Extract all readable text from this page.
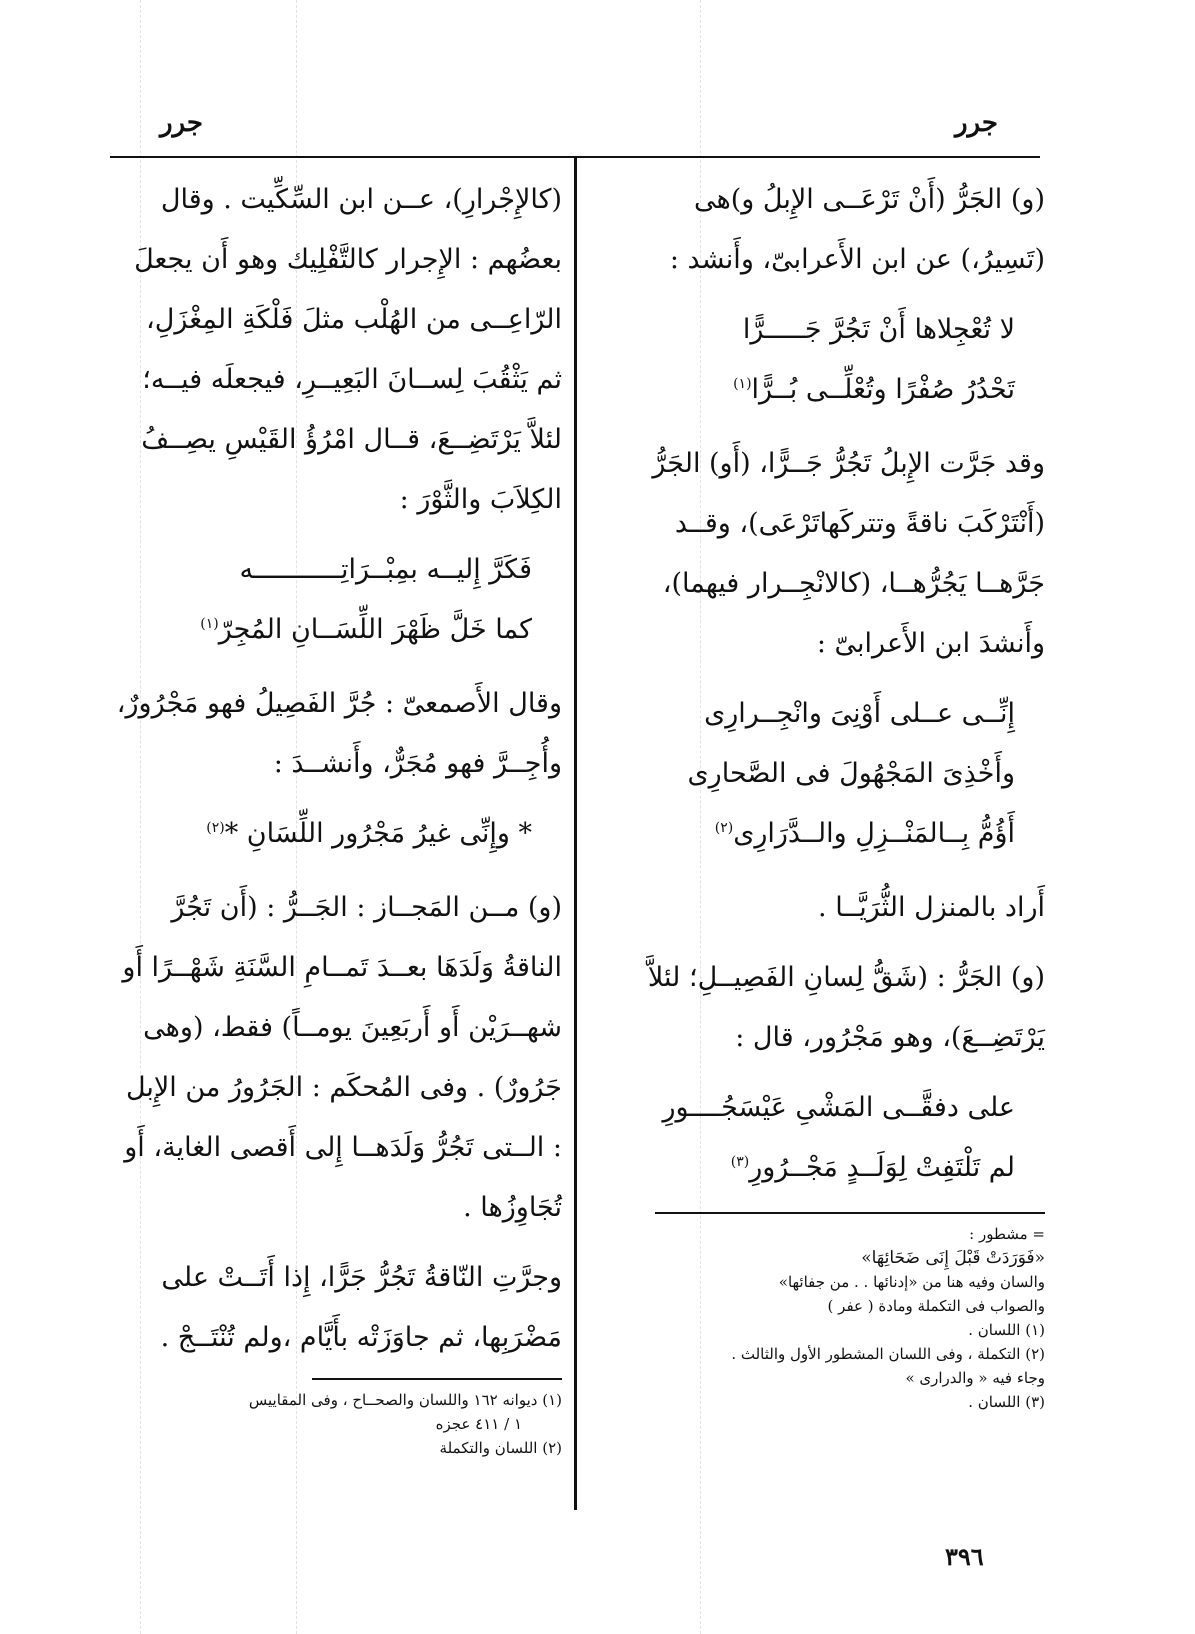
جرر
جرر

(و) الجَرُّ (أَنْ تَرْعَــى الإِبلُ و)هى (تَسِيرُ،) عن ابن الأَعرابىّ، وأَنشد :

لا تُعْجِلاها أَنْ تَجُرَّ جَـــــرًّا
تَحْدُرُ صُفْرًا وتُعْلِّــى بُــرًّا$^{(١)}$

وقد جَرَّت الإِبلُ تَجُرُّ جَــرًّا، (أَو) الجَرُّ (أَنْتَرْكَبَ ناقةً وتتركَهاتَرْعَى)، وقــد جَرَّهــا يَجُرُّهــا، (كالانْجِــرار فيهما)، وأَنشدَ ابن الأَعرابىّ :

إِنِّــى عــلى أَوْنِىَ وانْجِــرارِى
وأَخْذِىَ المَجْهُولَ فى الصَّحارِى
أَؤُمُّ بِــالمَنْــزِلِ والــدَّرَارِى$^{(٢)}$

أَراد بالمنزل الثُّرَيَّــا .

(و) الجَرُّ : (شَقُّ لِسانِ الفَصِيــلِ؛ لئلاَّ يَرْتَضِــعَ)، وهو مَجْرُور، قال :

على دفقَّــى المَشْىِ عَيْسَجُــــورِ
لم تَلْتَفِتْ لِوَلَــدٍ مَجْــرُورِ$^{(٣)}$
= مشطور :
«فَوَرَدَتْ قَبْلَ إِنَى ضَحَائِهَا»
والسان وفيه هنا من «إدنائها . . من جفائها»
والصواب فى التكملة ومادة ( عفر )
(١) اللسان .
(٢) التكملة ، وفى اللسان المشطور الأول والثالث .
وجاء فيه « والدرارى »
(٣) اللسان .

(كالإِجْرارِ)، عــن ابن السِّكِّيت . وقال بعضُهم : الإِجرار كالتَّفْلِيك وهو أَن يجعلَ الرّاعِــى من الهُلْب مثلَ فَلْكَةِ المِغْزَلِ، ثم يَثْقُبَ لِســانَ البَعِيــرِ، فيجعلَه فيــه؛ لئلاَّ يَرْتَضِــعَ، قــال امْرُؤُ القَيْسِ يصِــفُ الكِلاَبَ والثَّوْرَ :

فَكَرَّ إِليــه بمِبْــرَاتِـــــــــــه
كما خَلَّ ظَهْرَ اللِّسَــانِ المُجِرّ$^{(١)}$

وقال الأَصمعىّ : جُرَّ الفَصِيلُ فهو مَجْرُورٌ، وأُجِــرَّ فهو مُجَرٌّ، وأَنشــدَ :

* وإِنِّى غيرُ مَجْرُور اللِّسَانِ *$^{(٢)}$

(و) مــن المَجــاز : الجَــرُّ : (أَن تَجُرَّ الناقةُ وَلَدَهَا بعــدَ تَمــامِ السَّنَةِ شَهْــرًا أَو شهــرَيْن أَو أَربَعِينَ يومــاً) فقط، (وهى جَرُورٌ) . وفى المُحكَم : الجَرُورُ من الإِبل : الــتى تَجُرُّ وَلَدَهــا إِلى أَقصى الغاية، أَو تُجَاوِزُها .

وجرَّتِ النّاقةُ تَجُرُّ جَرًّا، إِذا أَتَــتْ على مَضْرَبِها، ثم جاوَزَتْه بأَيَّام ،ولم تُنْتَــجْ .

(١) ديوانه ١٦٢ واللسان والصحــاح ، وفى المقاييس
١ / ٤١١ عجزه
(٢) اللسان والتكملة
٣٩٦
